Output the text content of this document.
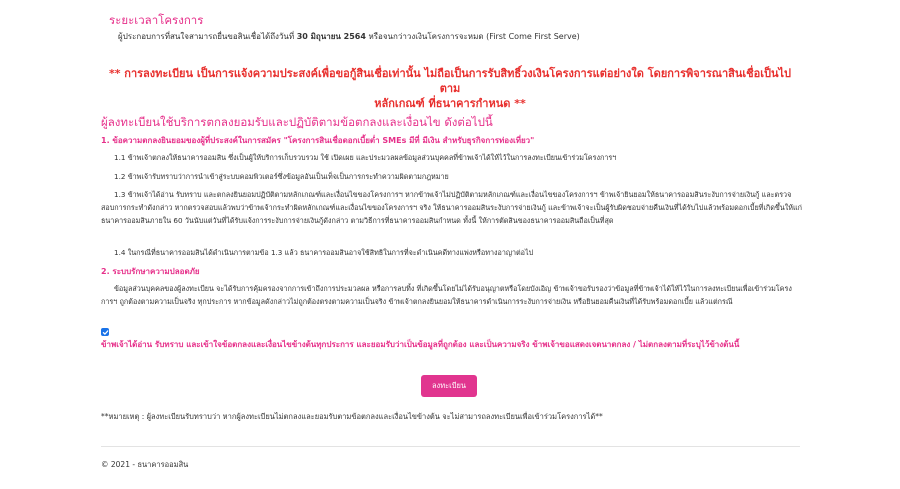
ระยะเวลาโครงการ
ผู้ประกอบการที่สนใจสามารถยื่นขอสินเชื่อได้ถึงวันที่ 30 มิถุนายน 2564 หรือจนกว่าวงเงินโครงการจะหมด (First Come First Serve)
** การลงทะเบียน เป็นการแจ้งความประสงค์เพื่อขอกู้สินเชื่อเท่านั้น ไม่ถือเป็นการรับสิทธิ์วงเงินโครงการแต่อย่างใด โดยการพิจารณาสินเชื่อเป็นไปตาม
หลักเกณฑ์ ที่ธนาคารกำหนด **
ผู้ลงทะเบียนใช้บริการตกลงยอมรับและปฏิบัติตามข้อตกลงและเงื่อนไข ดังต่อไปนี้
1. ข้อความตกลงยินยอมของผู้ที่ประสงค์ในการสมัคร "โครงการสินเชื่อดอกเบี้ยต่ำ SMEs มีที่ มีเงิน สำหรับธุรกิจการท่องเที่ยว"
1.1 ข้าพเจ้าตกลงให้ธนาคารออมสิน ซึ่งเป็นผู้ให้บริการเก็บรวบรวม ใช้ เปิดเผย และประมวลผลข้อมูลส่วนบุคคลที่ข้าพเจ้าได้ให้ไว้ในการลงทะเบียนเข้าร่วมโครงการฯ
1.2 ข้าพเจ้ารับทราบว่าการนำเข้าสู่ระบบคอมพิวเตอร์ซึ่งข้อมูลอันเป็นเท็จเป็นการกระทำความผิดตามกฎหมาย
1.3 ข้าพเจ้าได้อ่าน รับทราบ และตกลงยินยอมปฏิบัติตามหลักเกณฑ์และเงื่อนไขของโครงการฯ หากข้าพเจ้าไม่ปฏิบัติตามหลักเกณฑ์และเงื่อนไขของโครงการฯ ข้าพเจ้ายินยอมให้ธนาคารออมสินระงับการจ่ายเงินกู้ และตรวจสอบการกระทำดังกล่าว หากตรวจสอบแล้วพบว่าข้าพเจ้ากระทำผิดหลักเกณฑ์และเงื่อนไขของโครงการฯ จริง ให้ธนาคารออมสินระงับการจ่ายเงินกู้ และข้าพเจ้าจะเป็นผู้รับผิดชอบจ่ายคืนเงินที่ได้รับไปแล้วพร้อมดอกเบี้ยที่เกิดขึ้นให้แก่ธนาคารออมสินภายใน 60 วันนับแต่วันที่ได้รับแจ้งการระงับการจ่ายเงินกู้ดังกล่าว ตามวิธีการที่ธนาคารออมสินกำหนด ทั้งนี้ ให้การตัดสินของธนาคารออมสินถือเป็นที่สุด
1.4 ในกรณีที่ธนาคารออมสินได้ดำเนินการตามข้อ 1.3 แล้ว ธนาคารออมสินอาจใช้สิทธิในการที่จะดำเนินคดีทางแพ่งหรือทางอาญาต่อไป
2. ระบบรักษาความปลอดภัย
ข้อมูลส่วนบุคคลของผู้ลงทะเบียน จะได้รับการคุ้มครองจากการเข้าถึงการประมวลผล หรือการลบทิ้ง ที่เกิดขึ้นโดยไม่ได้รับอนุญาตหรือโดยบังเอิญ ข้าพเจ้าขอรับรองว่าข้อมูลที่ข้าพเจ้าได้ให้ไว้ในการลงทะเบียนเพื่อเข้าร่วมโครงการฯ ถูกต้องตามความเป็นจริง ทุกประการ หากข้อมูลดังกล่าวไม่ถูกต้องตรงตามความเป็นจริง ข้าพเจ้าตกลงยินยอมให้ธนาคารดำเนินการระงับการจ่ายเงิน หรือยินยอมคืนเงินที่ได้รับพร้อมดอกเบี้ย แล้วแต่กรณี
ข้าพเจ้าได้อ่าน รับทราบ และเข้าใจข้อตกลงและเงื่อนไขข้างต้นทุกประการ และยอมรับว่าเป็นข้อมูลที่ถูกต้อง และเป็นความจริง ข้าพเจ้าขอแสดงเจตนาตกลง / ไม่ตกลงตามที่ระบุไว้ข้างต้นนี้
ลงทะเบียน
**หมายเหตุ : ผู้ลงทะเบียนรับทราบว่า หากผู้ลงทะเบียนไม่ตกลงและยอมรับตามข้อตกลงและเงื่อนไขข้างต้น จะไม่สามารถลงทะเบียนเพื่อเข้าร่วมโครงการได้**
© 2021 - ธนาคารออมสิน
